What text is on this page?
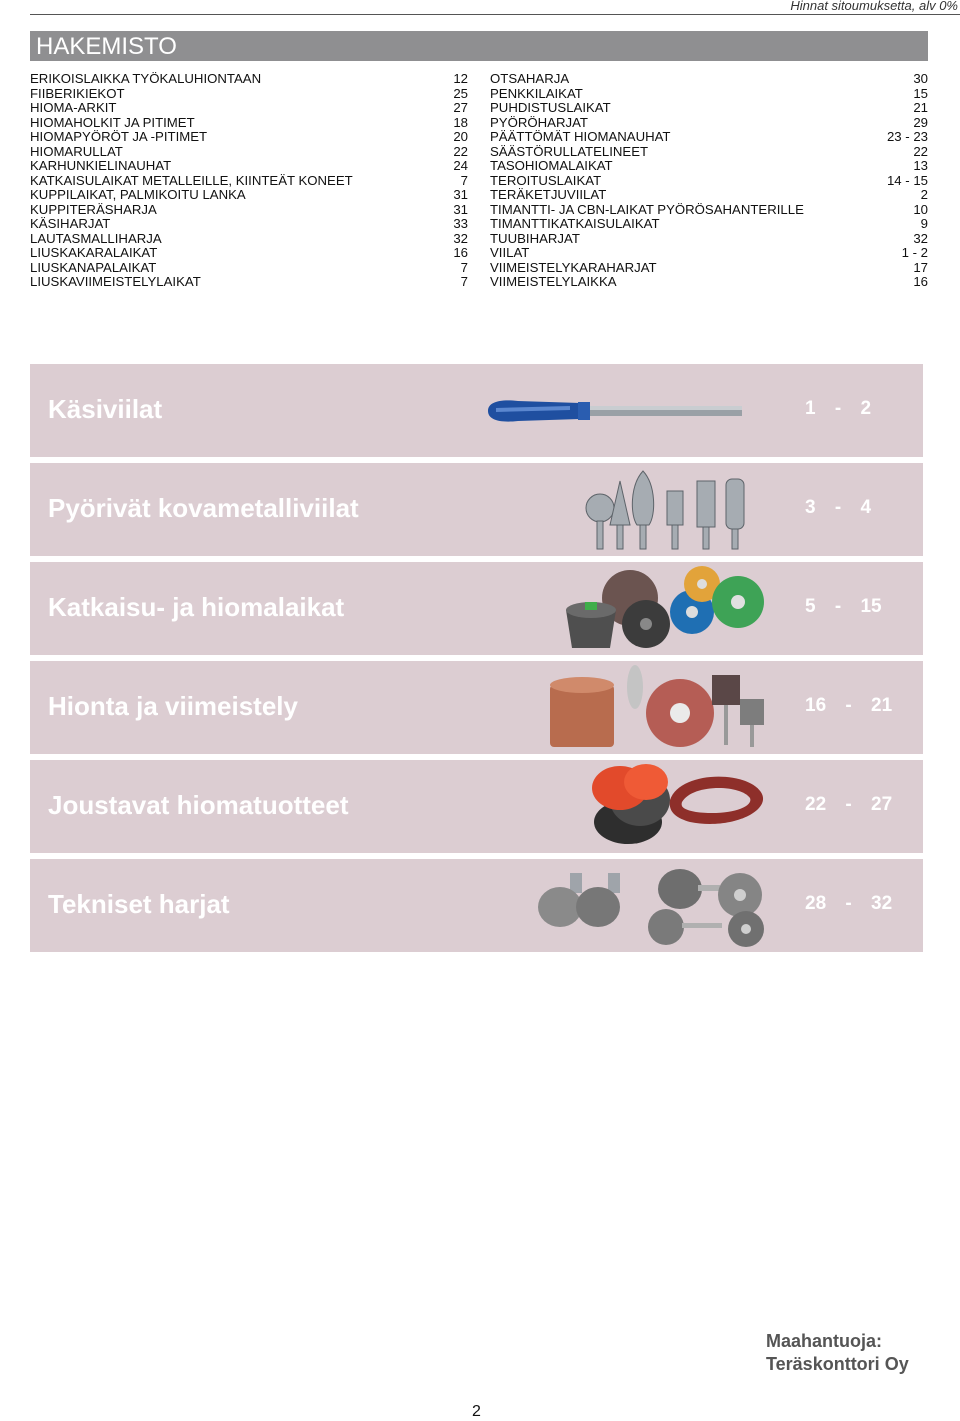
Hinnat sitoumuksetta, alv 0%
HAKEMISTO
ERIKOISLAIKKA TYÖKALUHIONTAAN	12
FIIBERIKIEKOT	25
HIOMA-ARKIT	27
HIOMAHOLKIT JA PITIMET	18
HIOMAPYÖRÖT JA -PITIMET	20
HIOMARULLAT	22
KARHUNKIELINAUHAT	24
KATKAISULAIKAT METALLEILLE, KIINTEÄT KONEET	7
KUPPILAIKAT, PALMIKOITU LANKA	31
KUPPITERÄSHARJA	31
KÄSIHARJAT	33
LAUTASMALLIHARJA	32
LIUSKAKARALAIKAT	16
LIUSKANAPALAIKAT	7
LIUSKAVIIMEISTELYLAIKAT	7
OTSAHARJA	30
PENKKILAIKAT	15
PUHDISTUSLAIKAT	21
PYÖRÖHARJAT	29
PÄÄTTÖMÄT HIOMANAUHAT	23 - 23
SÄÄSTÖRULLATELINEET	22
TASOHIOMALAIKAT	13
TEROITUSLAIKAT	14 - 15
TERÄKETJUVIILAT	2
TIMANTTI- JA CBN-LAIKAT PYÖRÖSAHANTERILLE	10
TIMANTTIKATKAISULAIKAT	9
TUUBIHARJAT	32
VIILAT	1 - 2
VIIMEISTELYKARAHARJAT	17
VIIMEISTELYLAIKKA	16
Käsiviilat	1 - 2
Pyörivät kovametalliviilat	3 - 4
Katkaisu- ja hiomalaikat	5 - 15
Hionta ja viimeistely	16 - 21
Joustavat hiomatuotteet	22 - 27
Tekniset harjat	28 - 32
Maahantuoja:
Teräskonttori Oy
2
